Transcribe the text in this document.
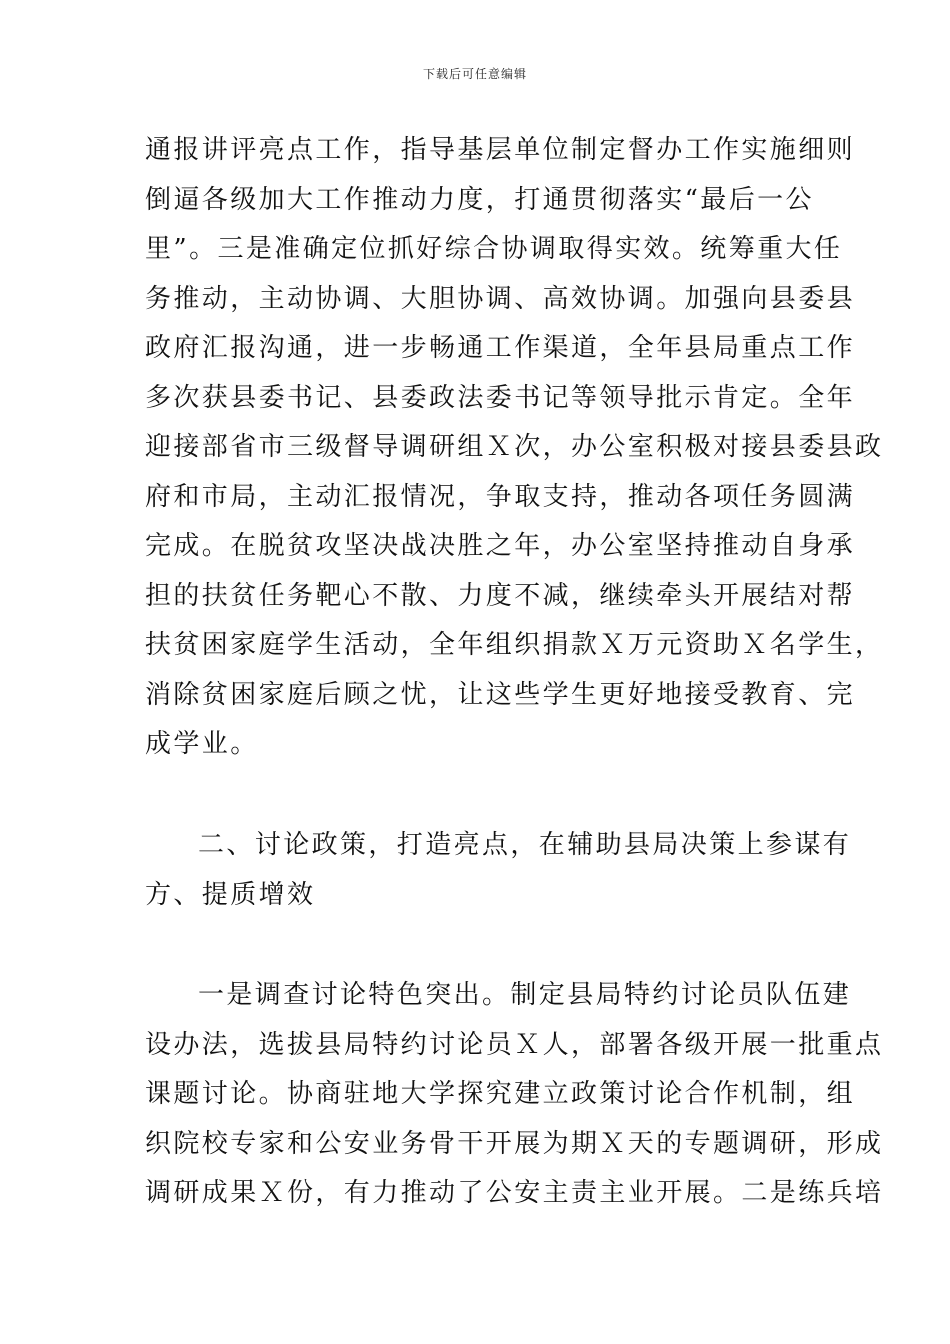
下载后可任意编辑
通报讲评亮点工作，指导基层单位制定督办工作实施细则
倒逼各级加大工作推动力度，打通贯彻落实“最后一公
里”。三是准确定位抓好综合协调取得实效。统筹重大任
务推动，主动协调、大胆协调、高效协调。加强向县委县
政府汇报沟通，进一步畅通工作渠道，全年县局重点工作
多次获县委书记、县委政法委书记等领导批示肯定。全年
迎接部省市三级督导调研组Ｘ次，办公室积极对接县委县政
府和市局，主动汇报情况，争取支持，推动各项任务圆满
完成。在脱贫攻坚决战决胜之年，办公室坚持推动自身承
担的扶贫任务靶心不散、力度不减，继续牵头开展结对帮
扶贫困家庭学生活动，全年组织捐款Ｘ万元资助Ｘ名学生，
消除贫困家庭后顾之忧，让这些学生更好地接受教育、完
成学业。
二、讨论政策，打造亮点，在辅助县局决策上参谋有
方、提质增效
一是调查讨论特色突出。制定县局特约讨论员队伍建
设办法，选拔县局特约讨论员Ｘ人，部署各级开展一批重点
课题讨论。协商驻地大学探究建立政策讨论合作机制，组
织院校专家和公安业务骨干开展为期Ｘ天的专题调研，形成
调研成果Ｘ份，有力推动了公安主责主业开展。二是练兵培
